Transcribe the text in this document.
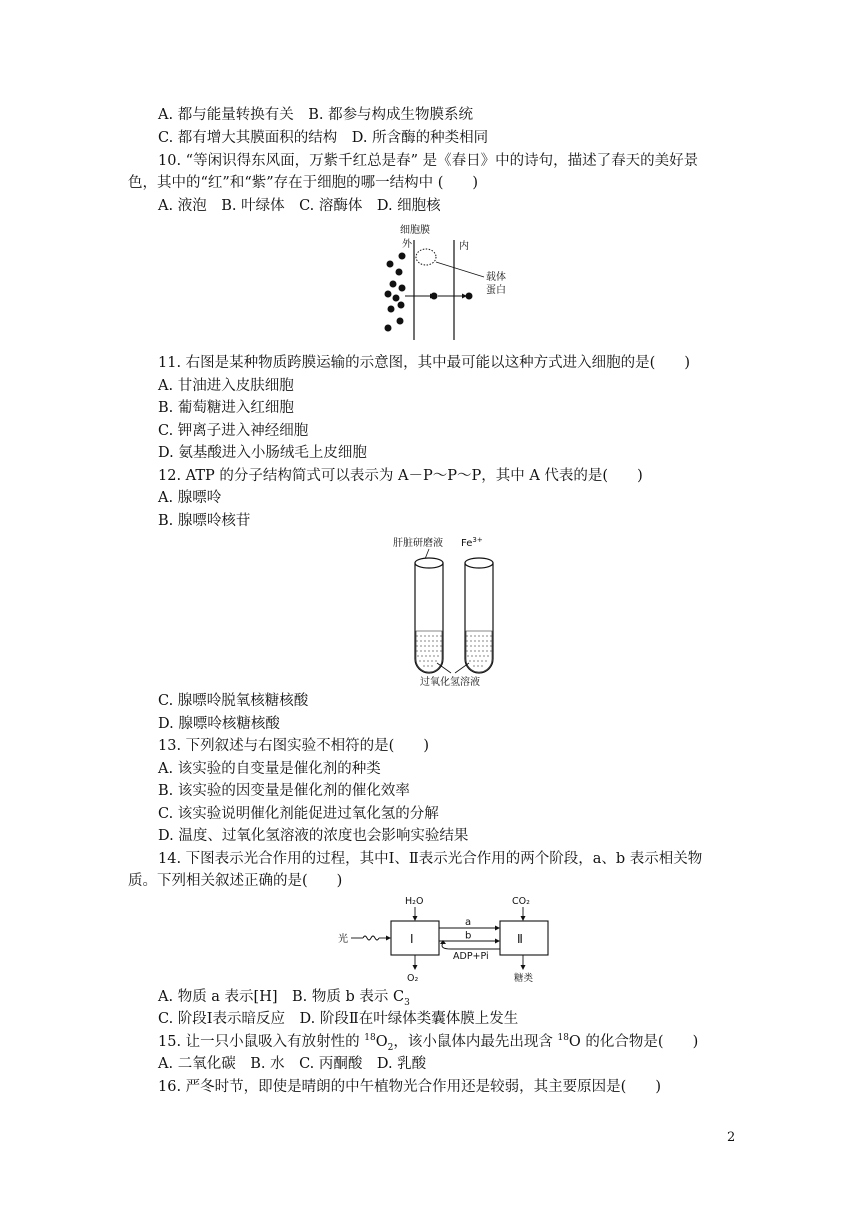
A. 都与能量转换有关　B. 都参与构成生物膜系统
C. 都有增大其膜面积的结构　D. 所含酶的种类相同
10. “等闲识得东风面，万紫千红总是春” 是《春日》中的诗句，描述了春天的美好景
色，其中的“红”和“紫”存在于细胞的哪一结构中 (　　)
A. 液泡　B. 叶绿体　C. 溶酶体　D. 细胞核
细胞膜
外	内
载体
蛋白
11. 右图是某种物质跨膜运输的示意图，其中最可能以这种方式进入细胞的是(　　)
A. 甘油进入皮肤细胞
B. 葡萄糖进入红细胞
C. 钾离子进入神经细胞
D. 氨基酸进入小肠绒毛上皮细胞
12. ATP 的分子结构简式可以表示为 A－P～P～P，其中 A 代表的是(　　)
A. 腺嘌呤
B. 腺嘌呤核苷
肝脏研磨液 $Fe^{3+}$
过氧化氢溶液
C. 腺嘌呤脱氧核糖核酸
D. 腺嘌呤核糖核酸
13. 下列叙述与右图实验不相符的是(　　)
A. 该实验的自变量是催化剂的种类
B. 该实验的因变量是催化剂的催化效率
C. 该实验说明催化剂能促进过氧化氢的分解
D. 温度、过氧化氢溶液的浓度也会影响实验结果
14. 下图表示光合作用的过程，其中Ⅰ、Ⅱ表示光合作用的两个阶段，a、b 表示相关物
质。下列相关叙述正确的是(　　)
H₂O	CO₂
Ⅰ	Ⅱ
光
a
b
ADP+Pi
O₂	糖类
A. 物质 a 表示[H]　B. 物质 b 表示 $C_3$
C. 阶段Ⅰ表示暗反应　D. 阶段Ⅱ在叶绿体类囊体膜上发生
15. 让一只小鼠吸入有放射性的 $^{18}O_2$，该小鼠体内最先出现含 $^{18}$O 的化合物是(　　)
A. 二氧化碳　B. 水　C. 丙酮酸　D. 乳酸
16. 严冬时节，即使是晴朗的中午植物光合作用还是较弱，其主要原因是(　　)
2
